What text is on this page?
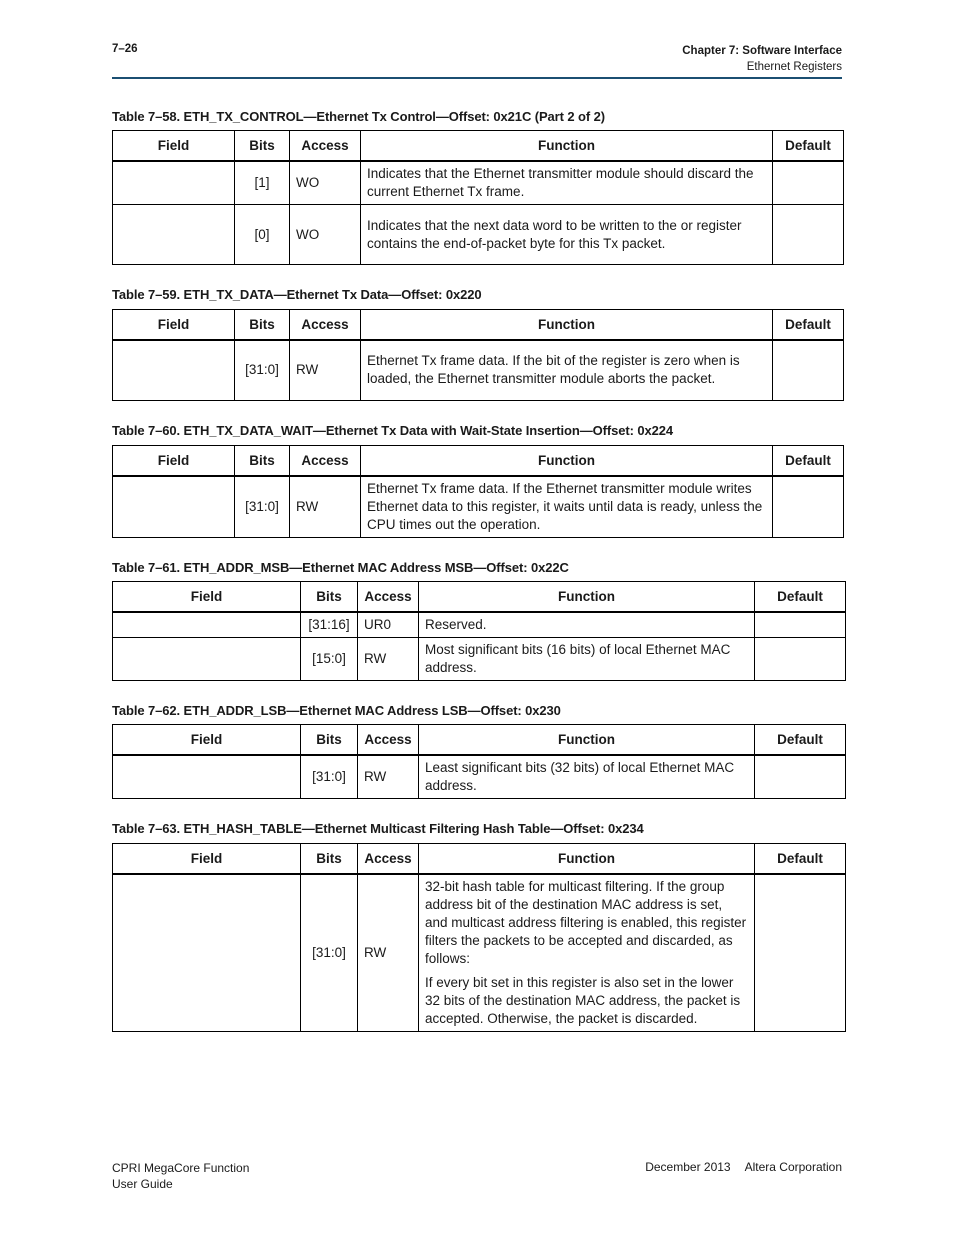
7–26	Chapter 7: Software Interface
Ethernet Registers
Table 7–58. ETH_TX_CONTROL—Ethernet Tx Control—Offset: 0x21C (Part 2 of 2)
Field	Bits	Access	Function	Default
	[1]	WO	Indicates that the Ethernet transmitter module should discard the current Ethernet Tx frame.	

	[0]	WO	Indicates that the next data word to be written to the or register contains the end-of-packet byte for this Tx packet.	

Table 7–59. ETH_TX_DATA—Ethernet Tx Data—Offset: 0x220
Field	Bits	Access	Function	Default
	[31:0]	RW	Ethernet Tx frame data. If the bit of the register is zero when is loaded, the Ethernet transmitter module aborts the packet.	

Table 7–60. ETH_TX_DATA_WAIT—Ethernet Tx Data with Wait-State Insertion—Offset: 0x224
Field	Bits	Access	Function	Default
	[31:0]	RW	Ethernet Tx frame data. If the Ethernet transmitter module writes Ethernet data to this register, it waits until data is ready, unless the CPU times out the operation.	

Table 7–61. ETH_ADDR_MSB—Ethernet MAC Address MSB—Offset: 0x22C
Field	Bits	Access	Function	Default
	[31:16]	UR0	Reserved.	

	[15:0]	RW	Most significant bits (16 bits) of local Ethernet MAC address.	

Table 7–62. ETH_ADDR_LSB—Ethernet MAC Address LSB—Offset: 0x230
Field	Bits	Access	Function	Default
	[31:0]	RW	Least significant bits (32 bits) of local Ethernet MAC address.	

Table 7–63. ETH_HASH_TABLE—Ethernet Multicast Filtering Hash Table—Offset: 0x234
Field	Bits	Access	Function	Default
	[31:0]	RW	32-bit hash table for multicast filtering. If the group address bit of the destination MAC address is set, and multicast address filtering is enabled, this register filters the packets to be accepted and discarded, as follows:
If every bit set in this register is also set in the lower 32 bits of the destination MAC address, the packet is accepted. Otherwise, the packet is discarded.	

CPRI MegaCore Function
User Guide
December 2013 Altera Corporation
